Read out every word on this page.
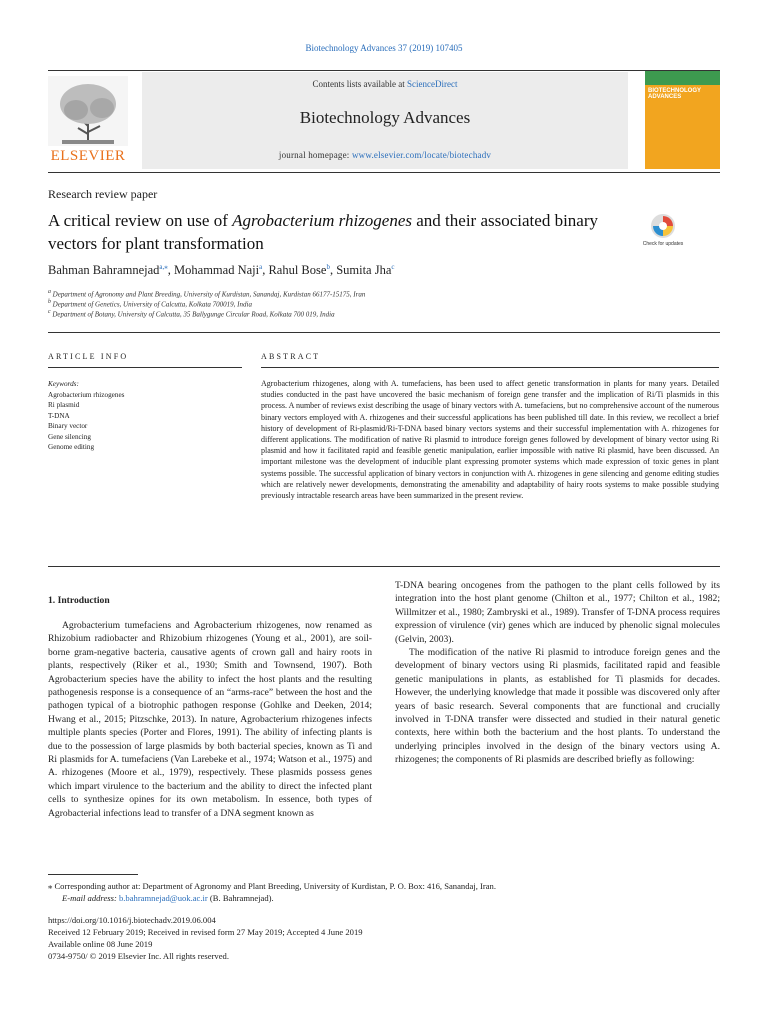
Biotechnology Advances 37 (2019) 107405
ELSEVIER
Contents lists available at ScienceDirect
Biotechnology Advances
journal homepage: www.elsevier.com/locate/biotechadv
BIOTECHNOLOGY ADVANCES
Research review paper
A critical review on use of Agrobacterium rhizogenes and their associated binary vectors for plant transformation	Check for updates
Bahman Bahramnejad$^{a,⁎}$, Mohammad Naji$^a$, Rahul Bose$^b$, Sumita Jha$^c$
$^a$ Department of Agronomy and Plant Breeding, University of Kurdistan, Sanandaj, Kurdistan 66177-15175, Iran
$^b$ Department of Genetics, University of Calcutta, Kolkata 700019, India
$^c$ Department of Botany, University of Calcutta, 35 Ballygunge Circular Road, Kolkata 700 019, India
ARTICLE INFO
Keywords:
Agrobacterium rhizogenes
Ri plasmid
T-DNA
Binary vector
Gene silencing
Genome editing
ABSTRACT
Agrobacterium rhizogenes, along with A. tumefaciens, has been used to affect genetic transformation in plants for many years. Detailed studies conducted in the past have uncovered the basic mechanism of foreign gene transfer and the implication of Ri/Ti plasmids in this process. A number of reviews exist describing the usage of binary vectors with A. tumefaciens, but no comprehensive account of the numerous binary vectors employed with A. rhizogenes and their successful applications has been published till date. In this review, we recollect a brief history of development of Ri-plasmid/Ri-T-DNA based binary vectors systems and their successful implementation with A. rhizogenes for different applications. The modification of native Ri plasmid to introduce foreign genes followed by development of binary vector using Ri plasmid and how it facilitated rapid and feasible genetic manipulation, earlier impossible with native Ri plasmid, have been discussed. An important milestone was the development of inducible plant expressing promoter systems which made expression of toxic genes in plant systems possible. The successful application of binary vectors in conjunction with A. rhizogenes in gene silencing and genome editing studies which are relatively newer developments, demonstrating the amenability and adaptability of hairy roots systems to make possible studying previously intractable research areas have been summarized in the present review.
1. Introduction

Agrobacterium tumefaciens and Agrobacterium rhizogenes, now renamed as Rhizobium radiobacter and Rhizobium rhizogenes (Young et al., 2001), are soil-borne gram-negative bacteria, causative agents of crown gall and hairy roots in plants, respectively (Riker et al., 1930; Smith and Townsend, 1907). Both Agrobacterium species have the ability to infect the host plants and the resulting pathogenesis response is a consequence of an “arms-race” between the host and the pathogen typical of a biotrophic pathogen response (Gohlke and Deeken, 2014; Hwang et al., 2015; Pitzschke, 2013). In nature, Agrobacterium rhizogenes infects multiple plants species (Porter and Flores, 1991). The ability of infecting plants is due to the possession of large plasmids by both bacterial species, known as Ti and Ri plasmids for A. tumefaciens (Van Larebeke et al., 1974; Watson et al., 1975) and A. rhizogenes (Moore et al., 1979), respectively. These plasmids possess genes which impart virulence to the bacterium and the ability to direct the infected plant cells to synthesize opines for its own metabolism. In essence, both types of Agrobacterial infections lead to transfer of a DNA segment known as

T-DNA bearing oncogenes from the pathogen to the plant cells followed by its integration into the host plant genome (Chilton et al., 1977; Chilton et al., 1982; Willmitzer et al., 1980; Zambryski et al., 1989). Transfer of T-DNA process requires expression of virulence (vir) genes which are induced by phenolic signal molecules (Gelvin, 2003).

The modification of the native Ri plasmid to introduce foreign genes and the development of binary vectors using Ri plasmids, facilitated rapid and feasible genetic manipulations in plants, as established for Ti plasmids for decades. However, the underlying knowledge that made it possible was discovered only after years of basic research. Several components that are functional and crucially involved in T-DNA transfer were dissected and studied in their natural genetic contexts, here within both the bacterium and the host plants. To understand the underlying principles involved in the design of the binary vectors using A. rhizogenes; the components of Ri plasmids are described briefly as following:

⁎ Corresponding author at: Department of Agronomy and Plant Breeding, University of Kurdistan, P. O. Box: 416, Sanandaj, Iran.
E-mail address: b.bahramnejad@uok.ac.ir (B. Bahramnejad).
https://doi.org/10.1016/j.biotechadv.2019.06.004
Received 12 February 2019; Received in revised form 27 May 2019; Accepted 4 June 2019
Available online 08 June 2019
0734-9750/ © 2019 Elsevier Inc. All rights reserved.
